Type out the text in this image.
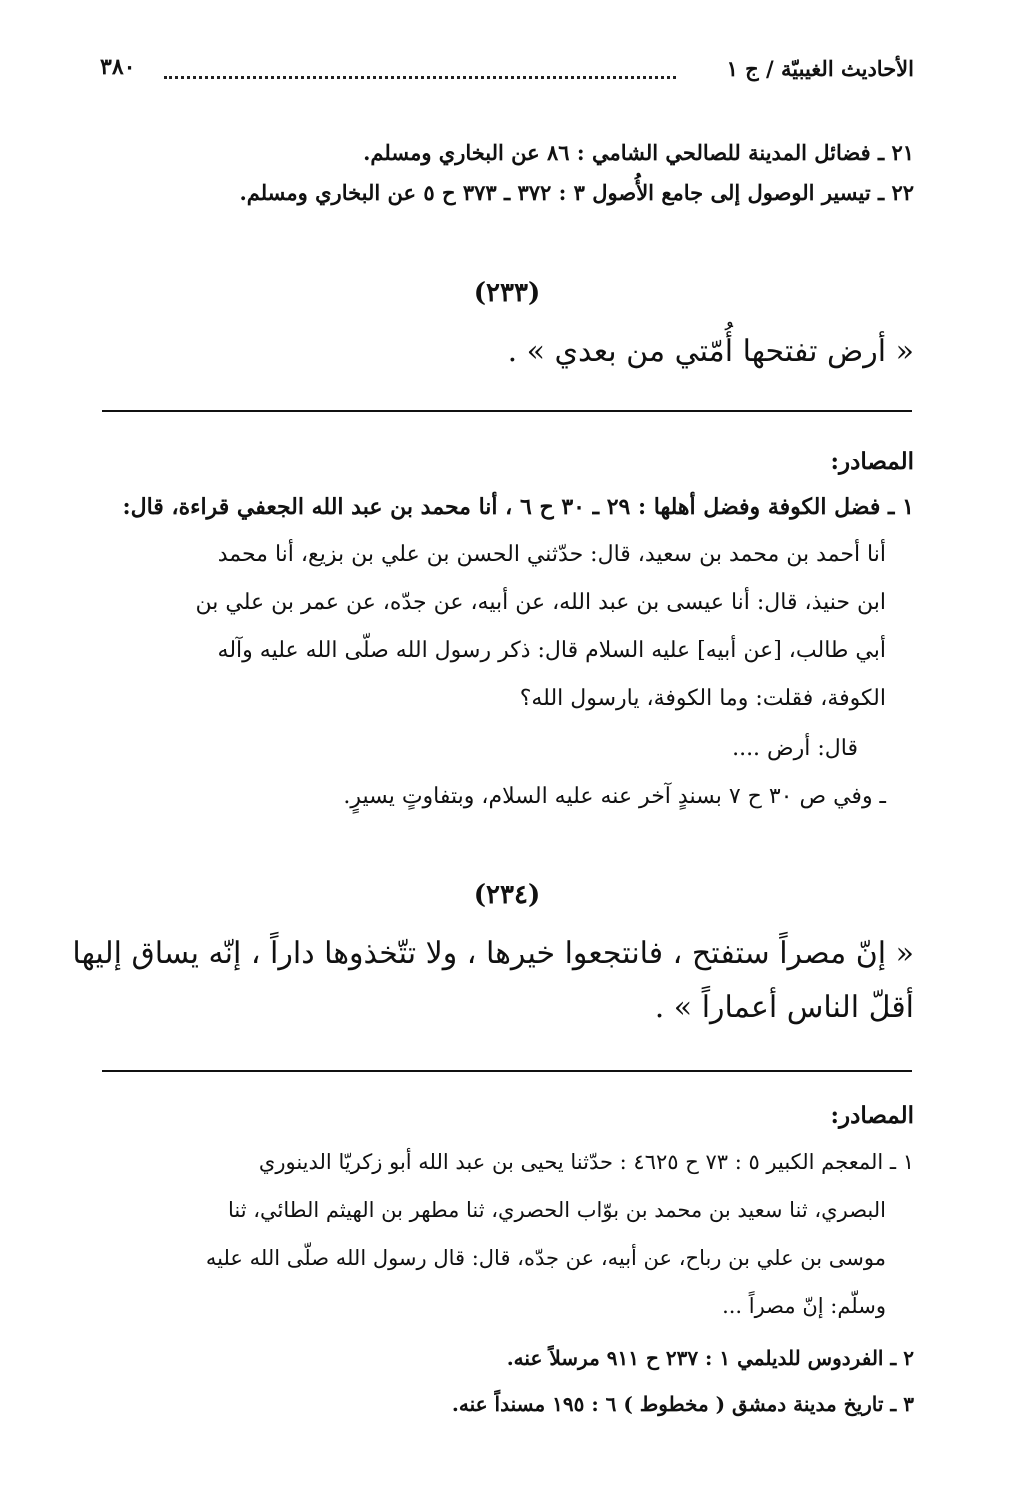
الأحاديث الغيبيّة / ج ١
٣٨٠
٢١ ـ فضائل المدينة للصالحي الشامي : ٨٦ عن البخاري ومسلم.
٢٢ ـ تيسير الوصول إلى جامع الأُصول ٣ : ٣٧٢ ـ ٣٧٣ ح ٥ عن البخاري ومسلم.
(٢٣٣)
« أرض تفتحها أُمّتي من بعدي » .
المصادر:
١ ـ فضل الكوفة وفضل أهلها : ٢٩ ـ ٣٠ ح ٦ ، أنا محمد بن عبد الله الجعفي قراءة، قال:
أنا أحمد بن محمد بن سعيد، قال: حدّثني الحسن بن علي بن بزيع، أنا محمد
ابن حنيذ، قال: أنا عيسى بن عبد الله، عن أبيه، عن جدّه، عن عمر بن علي بن
أبي طالب، [عن أبيه] عليه السلام قال: ذكر رسول الله صلّى الله عليه وآله
الكوفة، فقلت: وما الكوفة، يارسول الله؟
قال: أرض ....
ـ وفي ص ٣٠ ح ٧ بسندٍ آخر عنه عليه السلام، وبتفاوتٍ يسيرٍ.
(٢٣٤)
« إنّ مصراً ستفتح ، فانتجعوا خيرها ، ولا تتّخذوها داراً ، إنّه يساق إليها
أقلّ الناس أعماراً » .
المصادر:
١ ـ المعجم الكبير ٥ : ٧٣ ح ٤٦٢٥ : حدّثنا يحيى بن عبد الله أبو زكريّا الدينوري
البصري، ثنا سعيد بن محمد بن بوّاب الحصري، ثنا مطهر بن الهيثم الطائي، ثنا
موسى بن علي بن رباح، عن أبيه، عن جدّه، قال: قال رسول الله صلّى الله عليه
وسلّم: إنّ مصراً ...
٢ ـ الفردوس للديلمي ١ : ٢٣٧ ح ٩١١ مرسلاً عنه.
٣ ـ تاريخ مدينة دمشق ( مخطوط ) ٦ : ١٩٥ مسنداً عنه.
